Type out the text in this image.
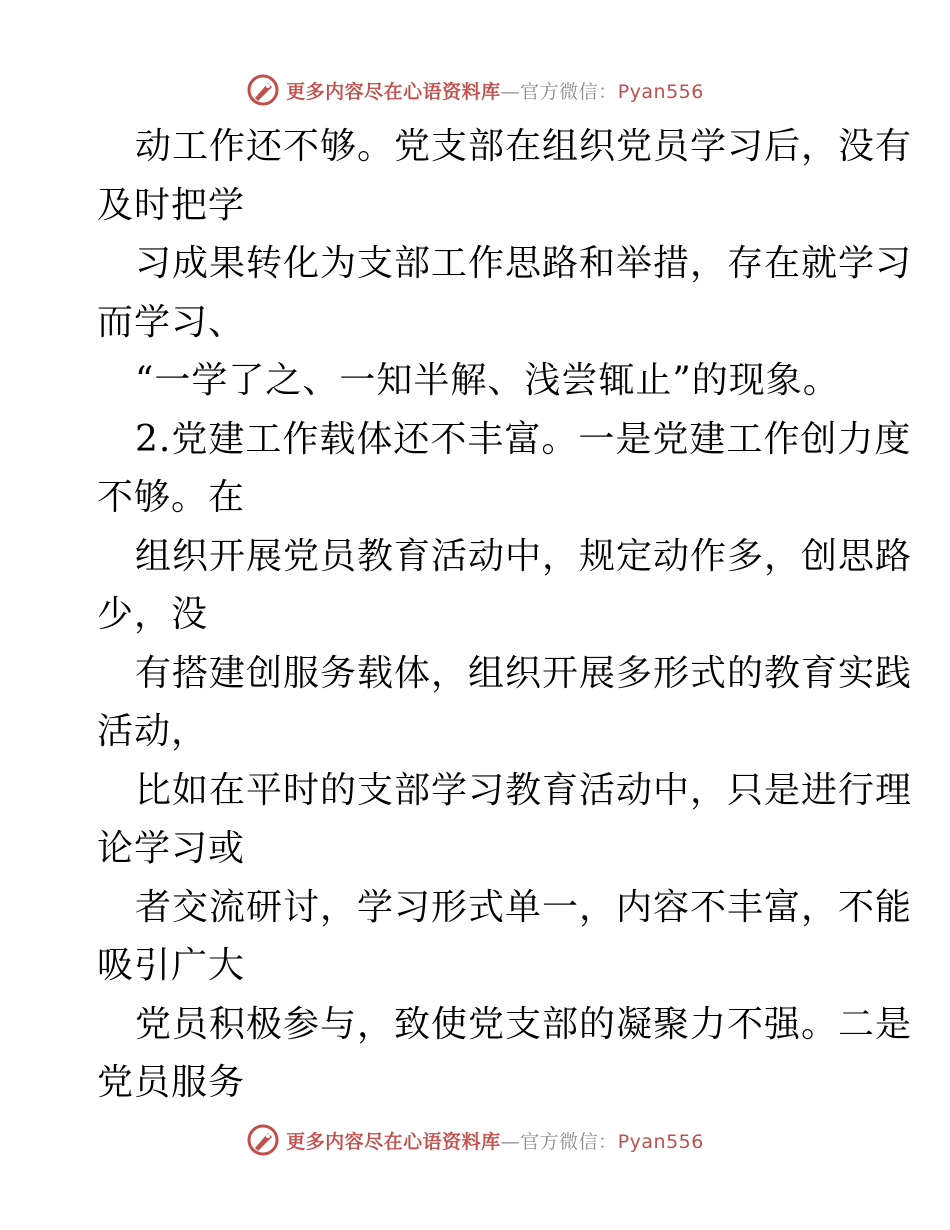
更多内容尽在心语资料库—官方微信：Pyan556
动工作还不够。党支部在组织党员学习后，没有
及时把学
习成果转化为支部工作思路和举措，存在就学习
而学习、
“一学了之、一知半解、浅尝辄止”的现象。
2.党建工作载体还不丰富。一是党建工作创力度
不够。在
组织开展党员教育活动中，规定动作多，创思路
少，没
有搭建创服务载体，组织开展多形式的教育实践
活动，
比如在平时的支部学习教育活动中，只是进行理
论学习或
者交流研讨，学习形式单一，内容不丰富，不能
吸引广大
党员积极参与，致使党支部的凝聚力不强。二是
党员服务
更多内容尽在心语资料库—官方微信：Pyan556
